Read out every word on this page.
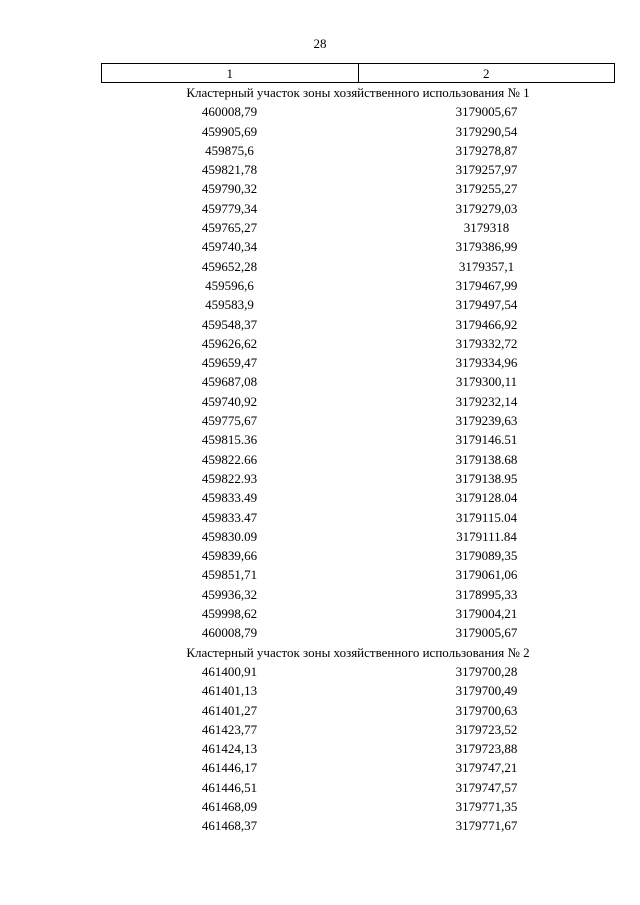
28
1	2
Кластерный участок зоны хозяйственного использования № 1
460008,79	3179005,67
459905,69	3179290,54
459875,6	3179278,87
459821,78	3179257,97
459790,32	3179255,27
459779,34	3179279,03
459765,27	3179318
459740,34	3179386,99
459652,28	3179357,1
459596,6	3179467,99
459583,9	3179497,54
459548,37	3179466,92
459626,62	3179332,72
459659,47	3179334,96
459687,08	3179300,11
459740,92	3179232,14
459775,67	3179239,63
459815.36	3179146.51
459822.66	3179138.68
459822.93	3179138.95
459833.49	3179128.04
459833.47	3179115.04
459830.09	3179111.84
459839,66	3179089,35
459851,71	3179061,06
459936,32	3178995,33
459998,62	3179004,21
460008,79	3179005,67
Кластерный участок зоны хозяйственного использования № 2
461400,91	3179700,28
461401,13	3179700,49
461401,27	3179700,63
461423,77	3179723,52
461424,13	3179723,88
461446,17	3179747,21
461446,51	3179747,57
461468,09	3179771,35
461468,37	3179771,67
